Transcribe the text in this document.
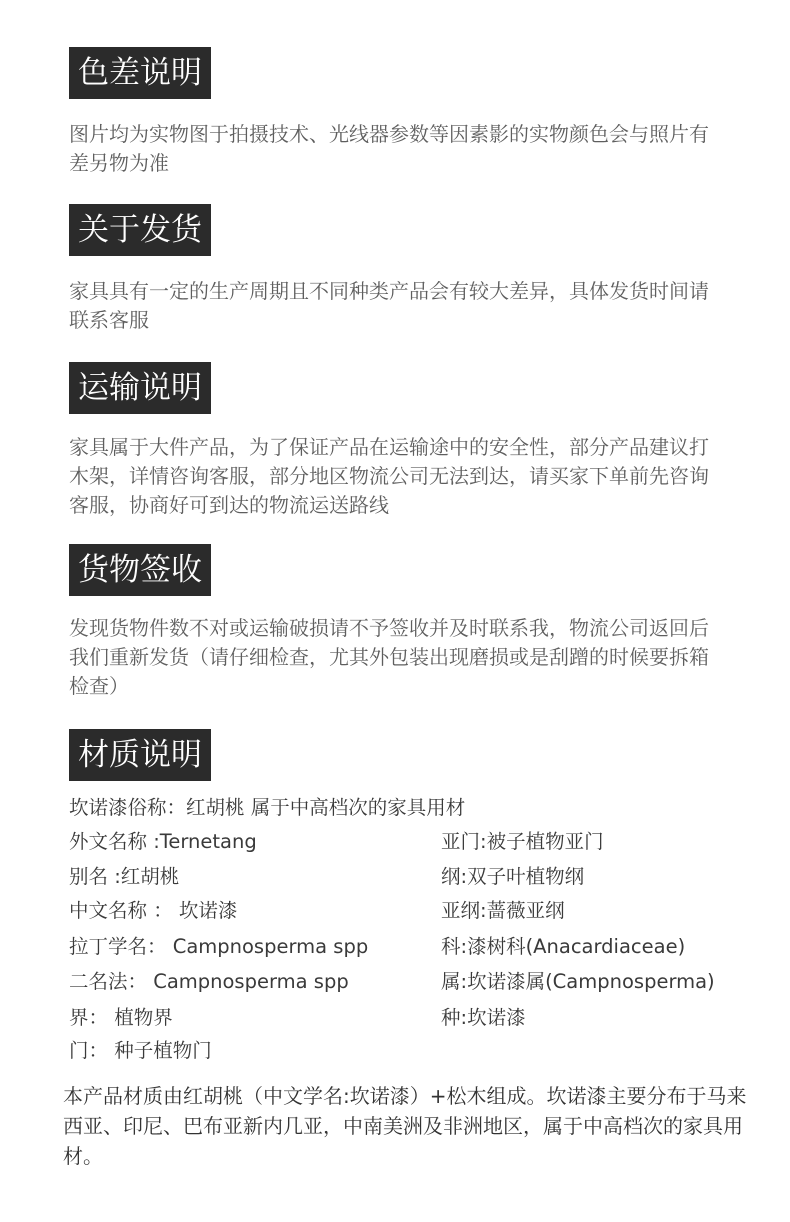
色差说明

图片均为实物图于拍摄技术、光线器参数等因素影的实物颜色会与照片有差另物为准

关于发货

家具具有一定的生产周期且不同种类产品会有较大差异，具体发货时间请联系客服

运输说明

家具属于大件产品，为了保证产品在运输途中的安全性，部分产品建议打木架，详情咨询客服，部分地区物流公司无法到达，请买家下单前先咨询客服，协商好可到达的物流运送路线

货物签收

发现货物件数不对或运输破损请不予签收并及时联系我，物流公司返回后我们重新发货（请仔细检查，尤其外包装出现磨损或是刮蹭的时候要拆箱检查）

材质说明
坎诺漆俗称：红胡桃 属于中高档次的家具用材
外文名称 :Ternetang
别名 :红胡桃
中文名称 ： 坎诺漆
拉丁学名： Campnosperma spp
二名法： Campnosperma spp
界： 植物界
门： 种子植物门
亚门:被子植物亚门
纲:双子叶植物纲
亚纲:蔷薇亚纲
科:漆树科(Anacardiaceae)
属:坎诺漆属(Campnosperma)
种:坎诺漆

本产品材质由红胡桃（中文学名:坎诺漆）+松木组成。坎诺漆主要分布于马来西亚、印尼、巴布亚新内几亚，中南美洲及非洲地区，属于中高档次的家具用材。
